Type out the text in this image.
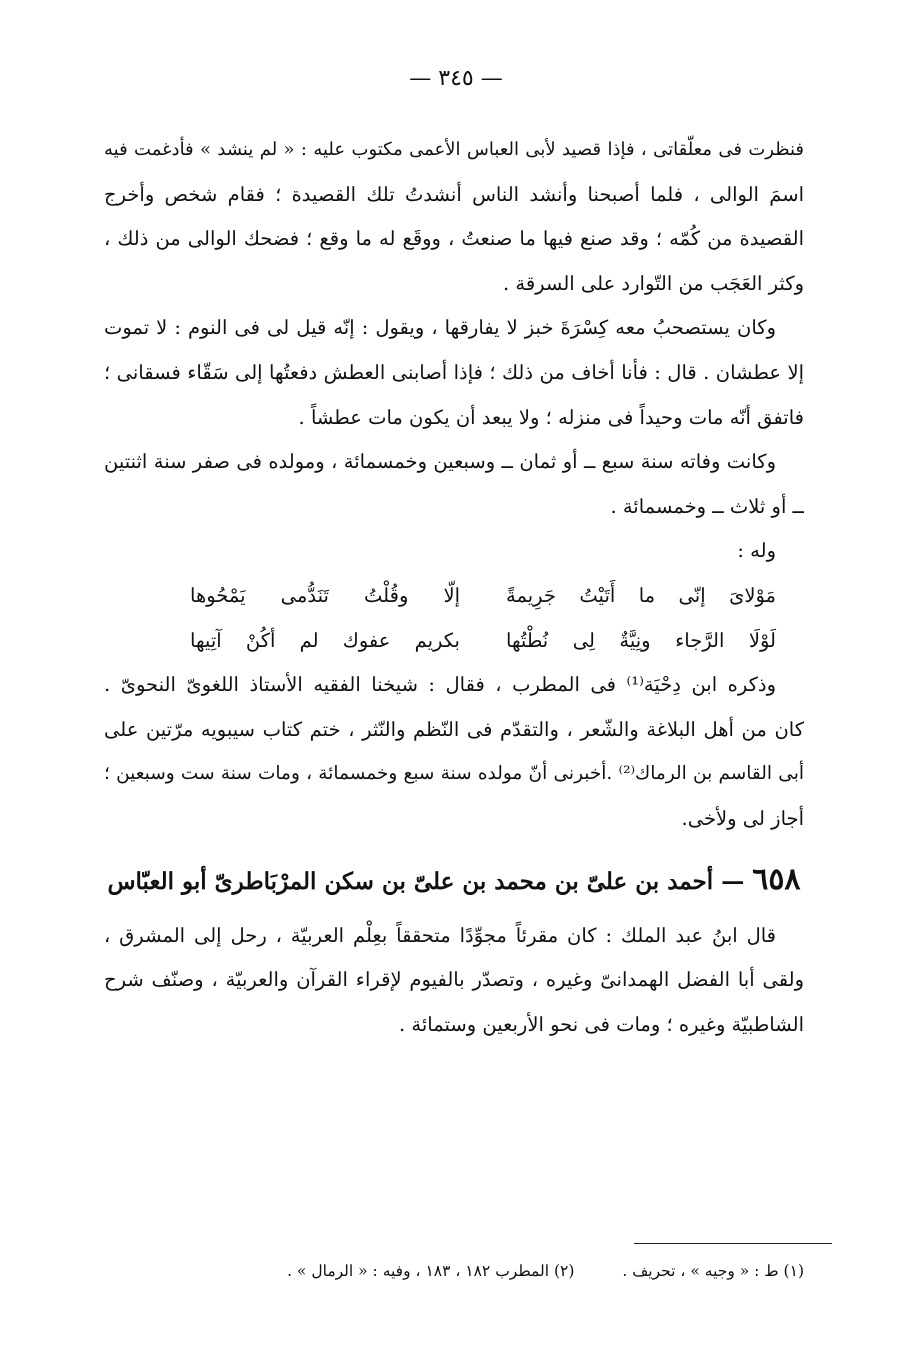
— ٣٤٥ —
فنظرت فى معلّقاتى ، فإذا قصيد لأبى العباس الأعمى مكتوب عليه : « لم ينشد » فأدغمت فيه
اسمَ الوالى ، فلما أصبحنا وأنشد الناس أنشدتُ تلك القصيدة ؛ فقام شخص وأخرج
القصيدة من كُمّه ؛ وقد صنع فيها ما صنعتُ ، ووقَع له ما وقع ؛ فضحك الوالى من ذلك ،
وكثر العَجَب من التّوارد على السرقة .
وكان يستصحبُ معه كِسْرَةَ خبز لا يفارقها ، ويقول : إنّه قيل لى فى النوم : لا تموت
إلا عطشان . قال : فأنا أخاف من ذلك ؛ فإذا أصابنى العطش دفعتُها إلى سَقّاء فسقانى ؛
فاتفق أنّه مات وحيداً فى منزله ؛ ولا يبعد أن يكون مات عطشاً .
وكانت وفاته سنة سبع ــ أو ثمان ــ وسبعين وخمسمائة ، ومولده فى صفر سنة اثنتين
ــ أو ثلاث ــ وخمسمائة .
وله :
مَوْلاىَ إنّى ما أَتَيْتُ جَرِيمةً
إلّا وقُلْتُ تَنَدُّمى يَمْحُوها
لَوْلَا الرَّجاء ونِيَّةٌ لِى نُطْتُها
بكريم عفوك لم أكُنْ آتِيها
وذكره ابن دِحْيَة⁽¹⁾ فى المطرب ، فقال : شيخنا الفقيه الأستاذ اللغوىّ النحوىّ .
كان من أهل البلاغة والشّعر ، والتقدّم فى النّظم والنّثر ، ختم كتاب سيبويه مرّتين على
أبى القاسم بن الرماك⁽²⁾ .أخبرنى أنّ مولده سنة سبع وخمسمائة ، ومات سنة ست وسبعين ؛
أجاز لى ولأخى.
٦٥٨ — أحمد بن علىّ بن محمد بن علىّ بن سكن المرْبَاطرىّ أبو العبّاس
قال ابنُ عبد الملك : كان مقرئاً مجوِّدًا متحققاً بعِلْم العربيّة ، رحل إلى المشرق ،
ولقى أبا الفضل الهمدانىّ وغيره ، وتصدّر بالفيوم لإقراء القرآن والعربيّة ، وصنّف شرح
الشاطبيّة وغيره ؛ ومات فى نحو الأربعين وستمائة .
(١) ط : « وجيه » ، تحريف .
(٢) المطرب ١٨٢ ، ١٨٣ ، وفيه : « الرمال » .
